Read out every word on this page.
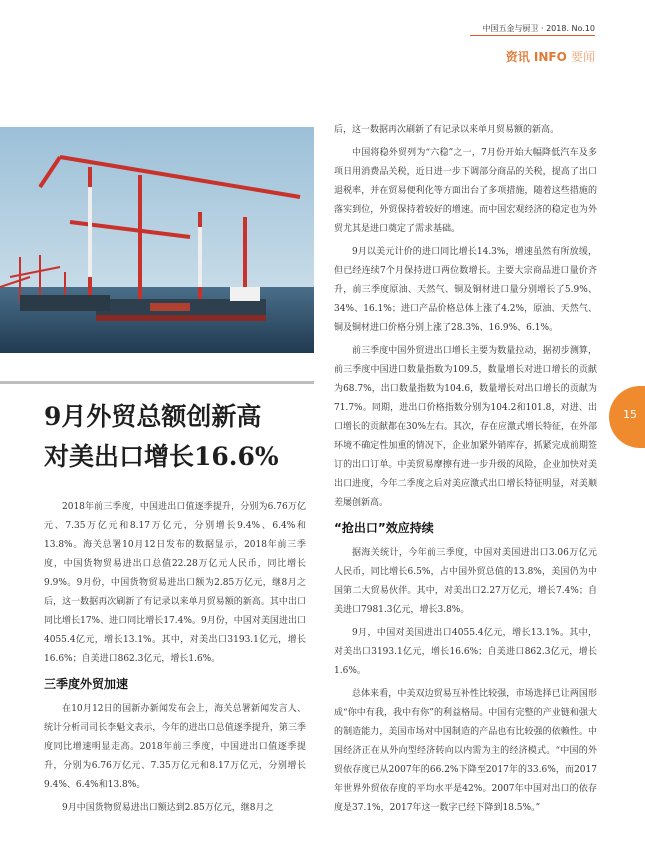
中国五金与厨卫 · 2018. No.10
资讯 INFO 要闻
9月外贸总额创新高
对美出口增长16.6%

2018年前三季度，中国进出口值逐季提升，分别为6.76万亿元、7.35万亿元和8.17万亿元，分别增长9.4%、6.4%和13.8%。海关总署10月12日发布的数据显示，2018年前三季度，中国货物贸易进出口总值22.28万亿元人民币，同比增长9.9%。9月份，中国货物贸易进出口额为2.85万亿元，继8月之后，这一数据再次刷新了有记录以来单月贸易额的新高。其中出口同比增长17%、进口同比增长17.4%。9月份，中国对美国进出口4055.4亿元，增长13.1%。其中，对美出口3193.1亿元，增长16.6%；自美进口862.3亿元，增长1.6%。

三季度外贸加速

在10月12日的国新办新闻发布会上，海关总署新闻发言人、统计分析司司长李魁文表示，今年的进出口总值逐季提升，第三季度同比增速明显走高。2018年前三季度，中国进出口值逐季提升，分别为6.76万亿元、7.35万亿元和8.17万亿元，分别增长9.4%、6.4%和13.8%。

9月中国货物贸易进出口额达到2.85万亿元，继8月之

后，这一数据再次刷新了有记录以来单月贸易额的新高。

中国将稳外贸列为“六稳”之一，7月份开始大幅降低汽车及多项日用消费品关税，近日进一步下调部分商品的关税，提高了出口退税率，并在贸易便利化等方面出台了多项措施，随着这些措施的落实到位，外贸保持着较好的增速。而中国宏观经济的稳定也为外贸尤其是进口奠定了需求基础。

9月以美元计价的进口同比增长14.3%，增速虽然有所放缓，但已经连续7个月保持进口两位数增长。主要大宗商品进口量价齐升，前三季度原油、天然气、铜及铜材进口量分别增长了5.9%、34%、16.1%；进口产品价格总体上涨了4.2%，原油、天然气、铜及铜材进口价格分别上涨了28.3%、16.9%、6.1%。

前三季度中国外贸进出口增长主要为数量拉动，据初步测算，前三季度中国进口数量指数为109.5，数量增长对进口增长的贡献为68.7%，出口数量指数为104.6，数量增长对出口增长的贡献为71.7%。同期，进出口价格指数分别为104.2和101.8，对进、出口增长的贡献都在30%左右。其次，存在应激式增长特征，在外部环境不确定性加重的情况下，企业加紧外销库存，抓紧完成前期签订的出口订单。中美贸易摩擦有进一步升级的风险，企业加快对美出口进度，今年二季度之后对美应激式出口增长特征明显，对美顺差屡创新高。

“抢出口”效应持续

据海关统计，今年前三季度，中国对美国进出口3.06万亿元人民币，同比增长6.5%，占中国外贸总值的13.8%，美国仍为中国第二大贸易伙伴。其中，对美出口2.27万亿元，增长7.4%；自美进口7981.3亿元，增长3.8%。

9月，中国对美国进出口4055.4亿元，增长13.1%。其中，对美出口3193.1亿元，增长16.6%；自美进口862.3亿元，增长1.6%。

总体来看，中美双边贸易互补性比较强，市场选择已让两国形成“你中有我，我中有你”的利益格局。中国有完整的产业链和强大的制造能力，美国市场对中国制造的产品也有比较强的依赖性。中国经济正在从外向型经济转向以内需为主的经济模式。“中国的外贸依存度已从2007年的66.2%下降至2017年的33.6%，而2017年世界外贸依存度的平均水平是42%。2007年中国对出口的依存度是37.1%，2017年这一数字已经下降到18.5%。”

15
